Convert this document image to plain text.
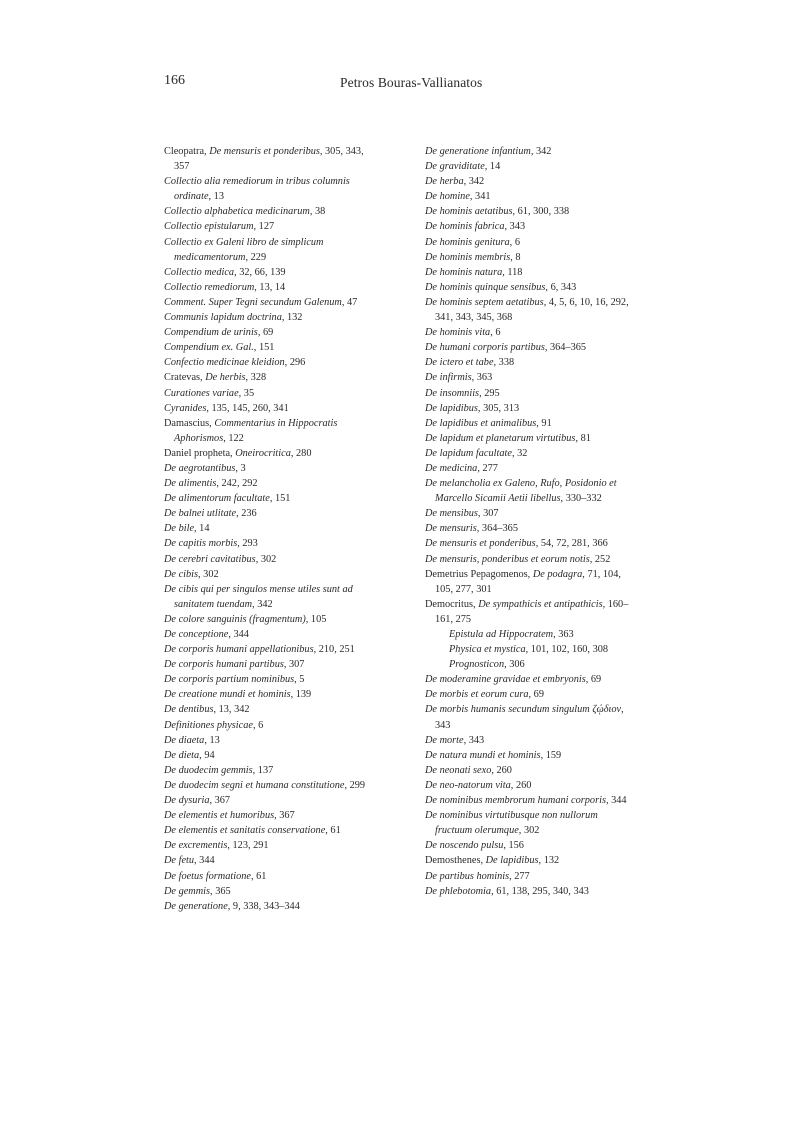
166	Petros Bouras-Vallianatos
Cleopatra, De mensuris et ponderibus, 305, 343, 357
Collectio alia remediorum in tribus columnis ordinate, 13
Collectio alphabetica medicinarum, 38
Collectio epistularum, 127
Collectio ex Galeni libro de simplicum medicamentorum, 229
Collectio medica, 32, 66, 139
Collectio remediorum, 13, 14
Comment. Super Tegni secundum Galenum, 47
Communis lapidum doctrina, 132
Compendium de urinis, 69
Compendium ex. Gal., 151
Confectio medicinae kleidion, 296
Cratevas, De herbis, 328
Curationes variae, 35
Cyranides, 135, 145, 260, 341
Damascius, Commentarius in Hippocratis Aphorismos, 122
Daniel propheta, Oneirocritica, 280
De aegrotantibus, 3
De alimentis, 242, 292
De alimentorum facultate, 151
De balnei utlitate, 236
De bile, 14
De capitis morbis, 293
De cerebri cavitatibus, 302
De cibis, 302
De cibis qui per singulos mense utiles sunt ad sanitatem tuendam, 342
De colore sanguinis (fragmentum), 105
De conceptione, 344
De corporis humani appellationibus, 210, 251
De corporis humani partibus, 307
De corporis partium nominibus, 5
De creatione mundi et hominis, 139
De dentibus, 13, 342
Definitiones physicae, 6
De diaeta, 13
De dieta, 94
De duodecim gemmis, 137
De duodecim segni et humana constitutione, 299
De dysuria, 367
De elementis et humoribus, 367
De elementis et sanitatis conservatione, 61
De excrementis, 123, 291
De fetu, 344
De foetus formatione, 61
De gemmis, 365
De generatione, 9, 338, 343–344
De generatione infantium, 342
De graviditate, 14
De herba, 342
De homine, 341
De hominis aetatibus, 61, 300, 338
De hominis fabrica, 343
De hominis genitura, 6
De hominis membris, 8
De hominis natura, 118
De hominis quinque sensibus, 6, 343
De hominis septem aetatibus, 4, 5, 6, 10, 16, 292, 341, 343, 345, 368
De hominis vita, 6
De humani corporis partibus, 364–365
De ictero et tabe, 338
De infirmis, 363
De insomniis, 295
De lapidibus, 305, 313
De lapidibus et animalibus, 91
De lapidum et planetarum virtutibus, 81
De lapidum facultate, 32
De medicina, 277
De melancholia ex Galeno, Rufo, Posidonio et Marcello Sicamii Aetii libellus, 330–332
De mensibus, 307
De mensuris, 364–365
De mensuris et ponderibus, 54, 72, 281, 366
De mensuris, ponderibus et eorum notis, 252
Demetrius Pepagomenos, De podagra, 71, 104, 105, 277, 301
Democritus, De sympathicis et antipathicis, 160–161, 275
Epistula ad Hippocratem, 363
Physica et mystica, 101, 102, 160, 308
Prognosticon, 306
De moderamine gravidae et embryonis, 69
De morbis et eorum cura, 69
De morbis humanis secundum singulum ζῴδιον, 343
De morte, 343
De natura mundi et hominis, 159
De neonati sexo, 260
De neo-natorum vita, 260
De nominibus membrorum humani corporis, 344
De nominibus virtutibusque non nullorum fructuum olerumque, 302
De noscendo pulsu, 156
Demosthenes, De lapidibus, 132
De partibus hominis, 277
De phlebotomia, 61, 138, 295, 340, 343
